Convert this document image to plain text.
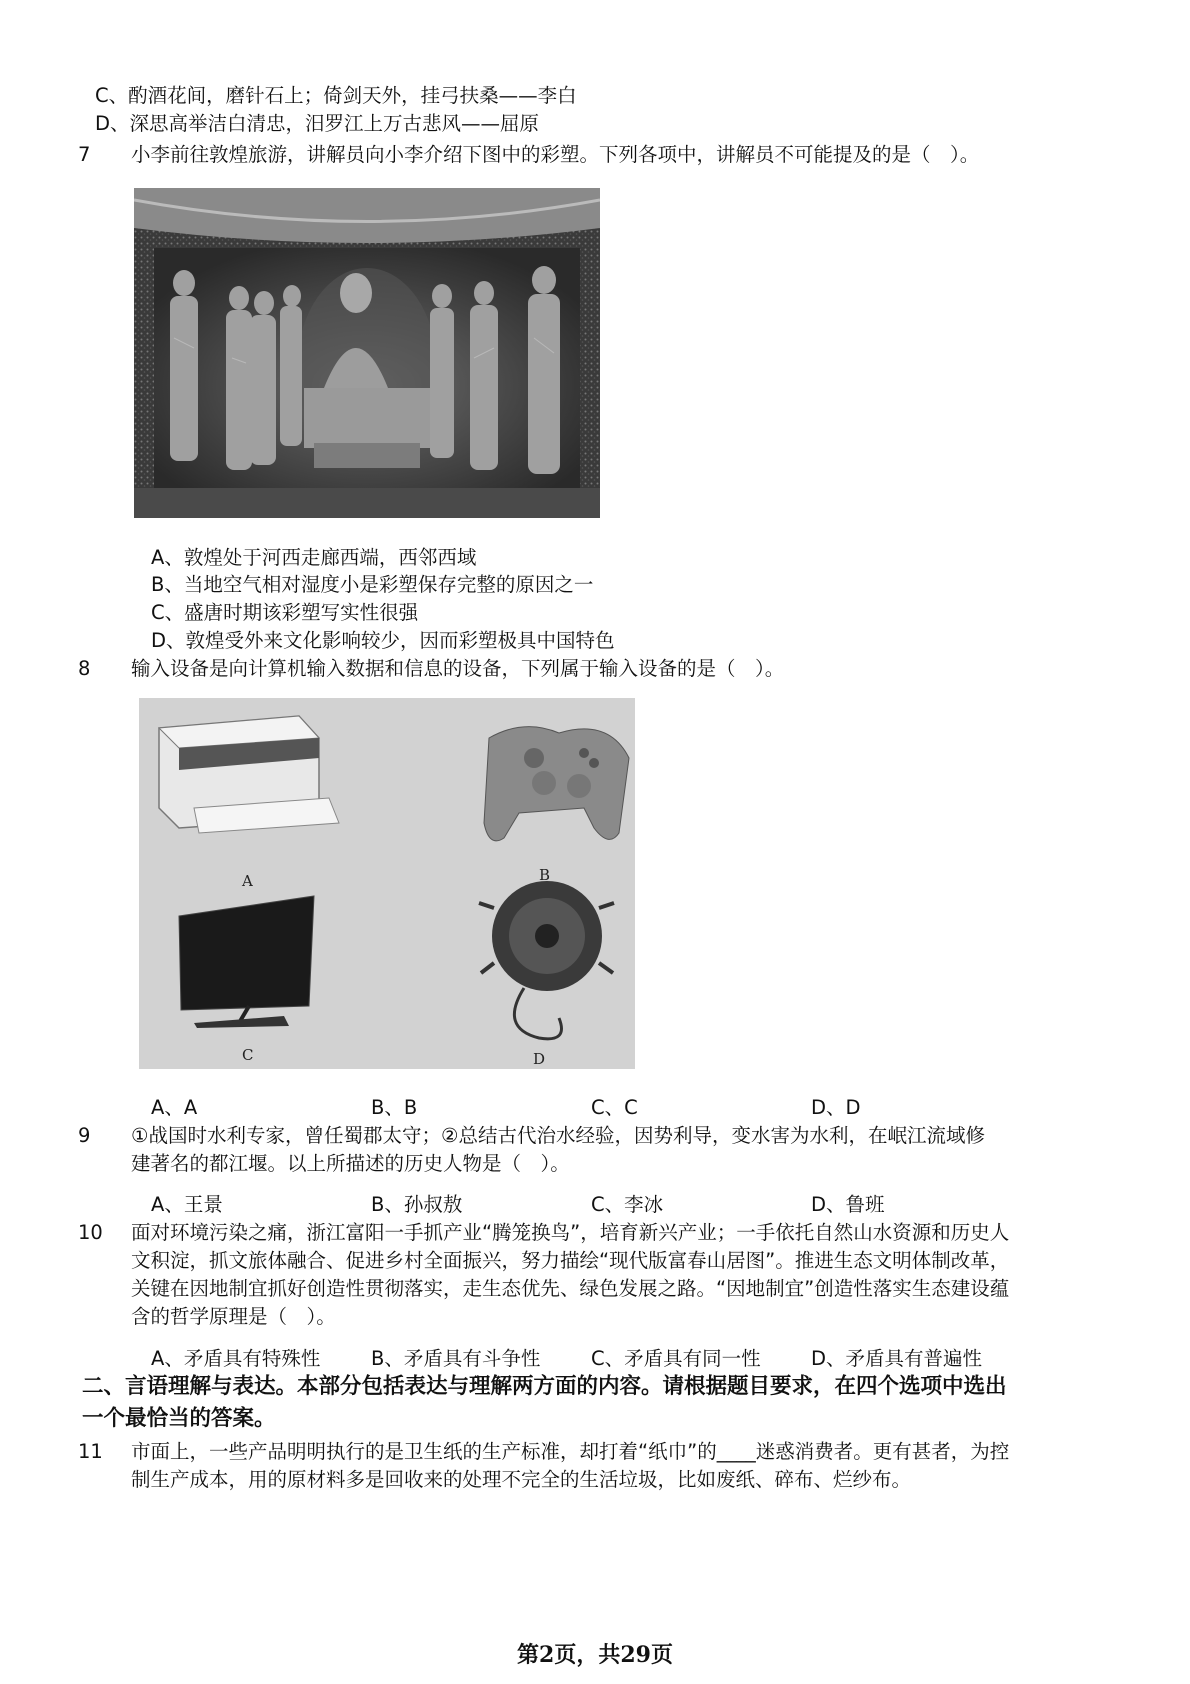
C、酌酒花间，磨针石上；倚剑天外，挂弓扶桑——李白
D、深思高举洁白清忠，汨罗江上万古悲风——屈原
7 小李前往敦煌旅游，讲解员向小李介绍下图中的彩塑。下列各项中，讲解员不可能提及的是（　）。
A、敦煌处于河西走廊西端，西邻西域
B、当地空气相对湿度小是彩塑保存完整的原因之一
C、盛唐时期该彩塑写实性很强
D、敦煌受外来文化影响较少，因而彩塑极具中国特色
8 输入设备是向计算机输入数据和信息的设备，下列属于输入设备的是（　）。
A	B
C	D
A、A	B、B	C、C	D、D
9 ①战国时水利专家，曾任蜀郡太守；②总结古代治水经验，因势利导，变水害为水利，在岷江流域修
建著名的都江堰。以上所描述的历史人物是（　）。
A、王景	B、孙叔敖	C、李冰	D、鲁班
10 面对环境污染之痛，浙江富阳一手抓产业“腾笼换鸟”，培育新兴产业；一手依托自然山水资源和历史人
文积淀，抓文旅体融合、促进乡村全面振兴，努力描绘“现代版富春山居图”。推进生态文明体制改革，
关键在因地制宜抓好创造性贯彻落实，走生态优先、绿色发展之路。“因地制宜”创造性落实生态建设蕴
含的哲学原理是（　）。
A、矛盾具有特殊性	B、矛盾具有斗争性	C、矛盾具有同一性	D、矛盾具有普遍性
二、言语理解与表达。本部分包括表达与理解两方面的内容。请根据题目要求，在四个选项中选出
一个最恰当的答案。
11 市面上，一些产品明明执行的是卫生纸的生产标准，却打着“纸巾”的____迷惑消费者。更有甚者，为控
制生产成本，用的原材料多是回收来的处理不完全的生活垃圾，比如废纸、碎布、烂纱布。
第2页，共29页
